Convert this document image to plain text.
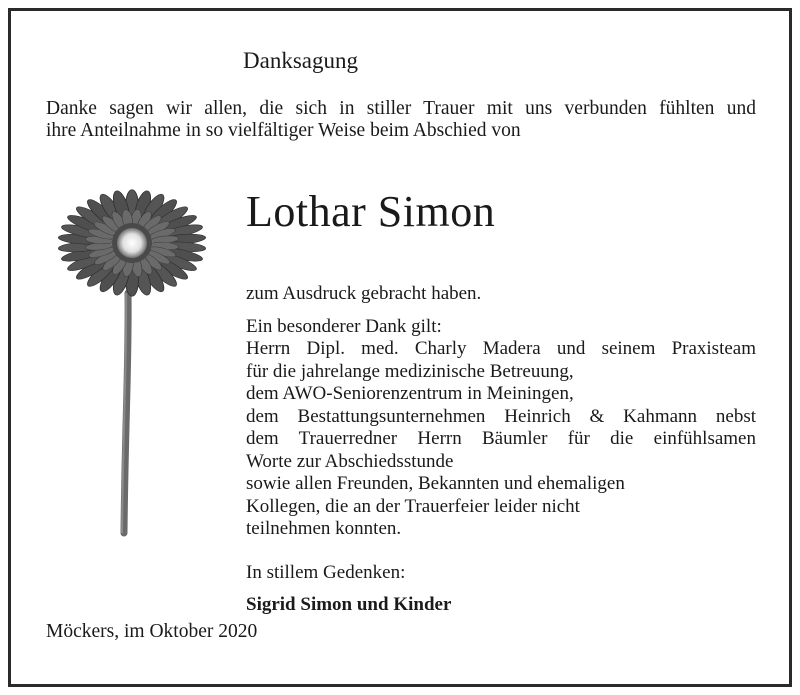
Danksagung
Danke sagen wir allen, die sich in stiller Trauer mit uns verbunden fühlten und
ihre Anteilnahme in so vielfältiger Weise beim Abschied von
Lothar Simon
zum Ausdruck gebracht haben.
Ein besonderer Dank gilt:
Herrn Dipl. med. Charly Madera und seinem Praxisteam
für die jahrelange medizinische Betreuung,
dem AWO-Seniorenzentrum in Meiningen,
dem Bestattungsunternehmen Heinrich & Kahmann nebst
dem Trauerredner Herrn Bäumler für die einfühlsamen
Worte zur Abschiedsstunde
sowie allen Freunden, Bekannten und ehemaligen
Kollegen, die an der Trauerfeier leider nicht
teilnehmen konnten.
In stillem Gedenken:
Sigrid Simon und Kinder
Möckers, im Oktober 2020
